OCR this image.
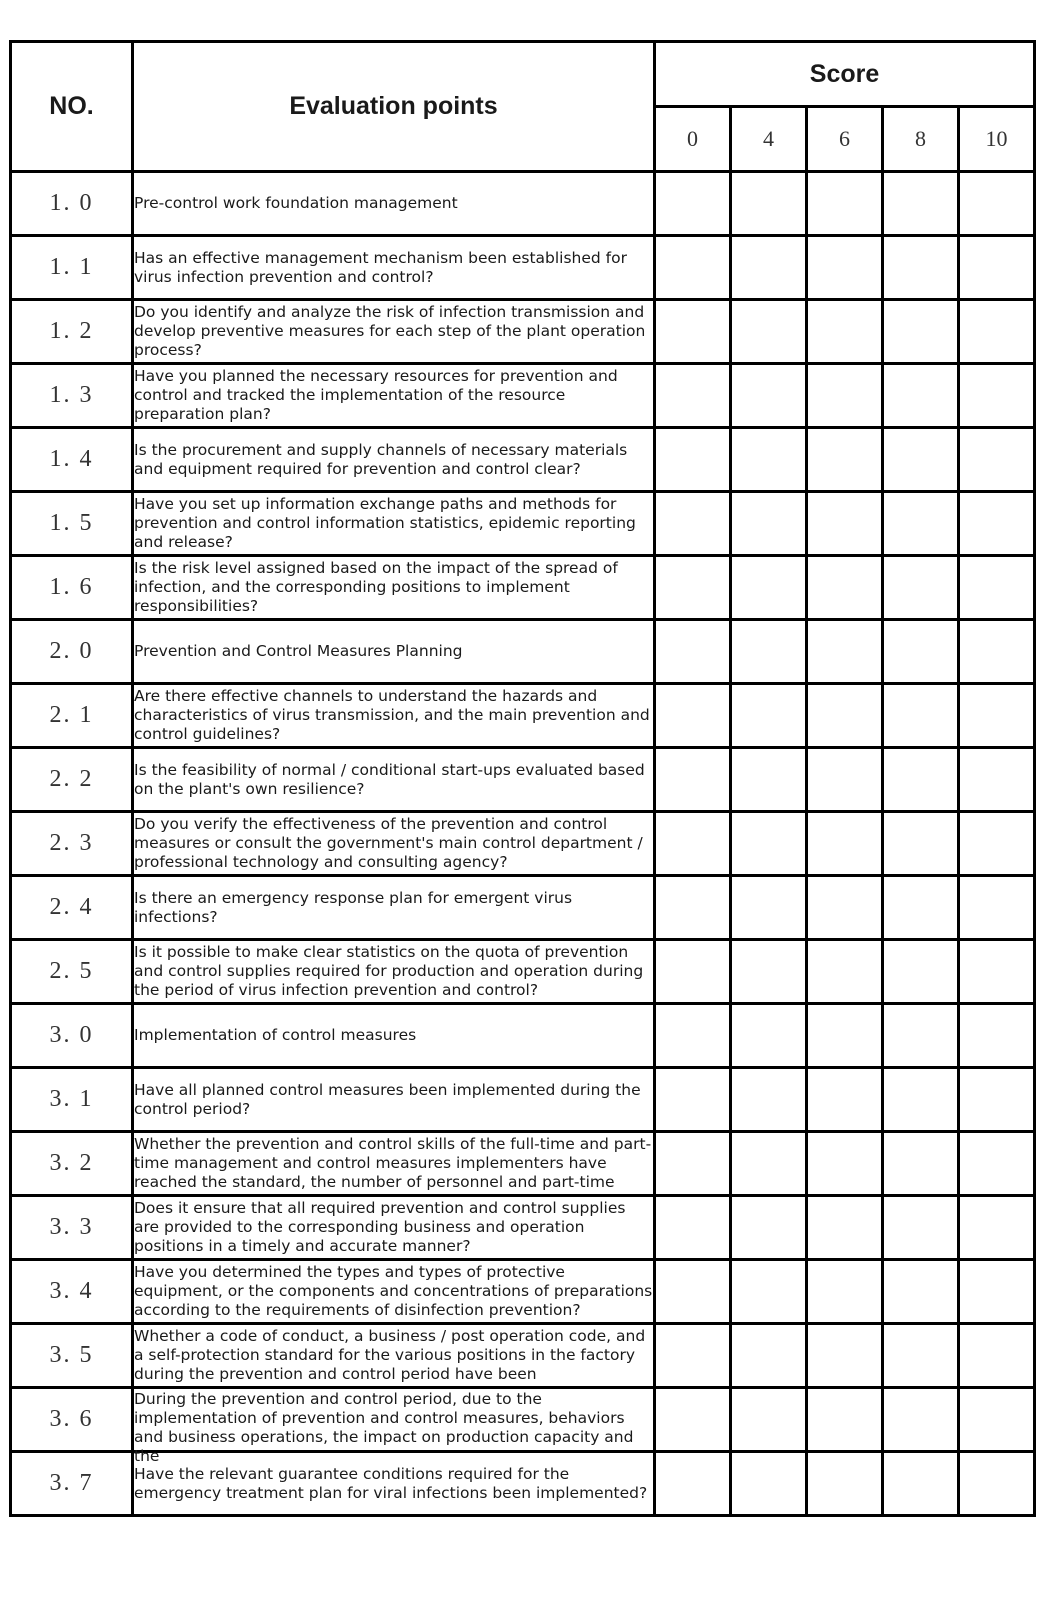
NO.	Evaluation points	Score				
		0	4	6	8	10
1. 0	Pre-control work foundation management					

1. 1	Has an effective management mechanism been established for virus infection prevention and control?					

1. 2	Do you identify and analyze the risk of infection transmission and develop preventive measures for each step of the plant operation process?					

1. 3	Have you planned the necessary resources for prevention and control and tracked the implementation of the resource preparation plan?					

1. 4	Is the procurement and supply channels of necessary materials and equipment required for prevention and control clear?					

1. 5	Have you set up information exchange paths and methods for prevention and control information statistics, epidemic reporting and release?					

1. 6	Is the risk level assigned based on the impact of the spread of infection, and the corresponding positions to implement responsibilities?					

2. 0	Prevention and Control Measures Planning					

2. 1	Are there effective channels to understand the hazards and characteristics of virus transmission, and the main prevention and control guidelines?					

2. 2	Is the feasibility of normal / conditional start-ups evaluated based on the plant's own resilience?					

2. 3	Do you verify the effectiveness of the prevention and control measures or consult the government's main control department / professional technology and consulting agency?					

2. 4	Is there an emergency response plan for emergent virus infections?					

2. 5	Is it possible to make clear statistics on the quota of prevention and control supplies required for production and operation during the period of virus infection prevention and control?					

3. 0	Implementation of control measures					

3. 1	Have all planned control measures been implemented during the control period?					

3. 2	Whether the prevention and control skills of the full-time and part-time management and control measures implementers have reached the standard, the number of personnel and part-time					

3. 3	Does it ensure that all required prevention and control supplies are provided to the corresponding business and operation positions in a timely and accurate manner?					

3. 4	Have you determined the types and types of protective equipment, or the components and concentrations of preparations according to the requirements of disinfection prevention?					

3. 5	Whether a code of conduct, a business / post operation code, and a self-protection standard for the various positions in the factory during the prevention and control period have been					

3. 6	During the prevention and control period, due to the implementation of prevention and control measures, behaviors and business operations, the impact on production capacity and the					

3. 7	Have the relevant guarantee conditions required for the emergency treatment plan for viral infections been implemented?					
